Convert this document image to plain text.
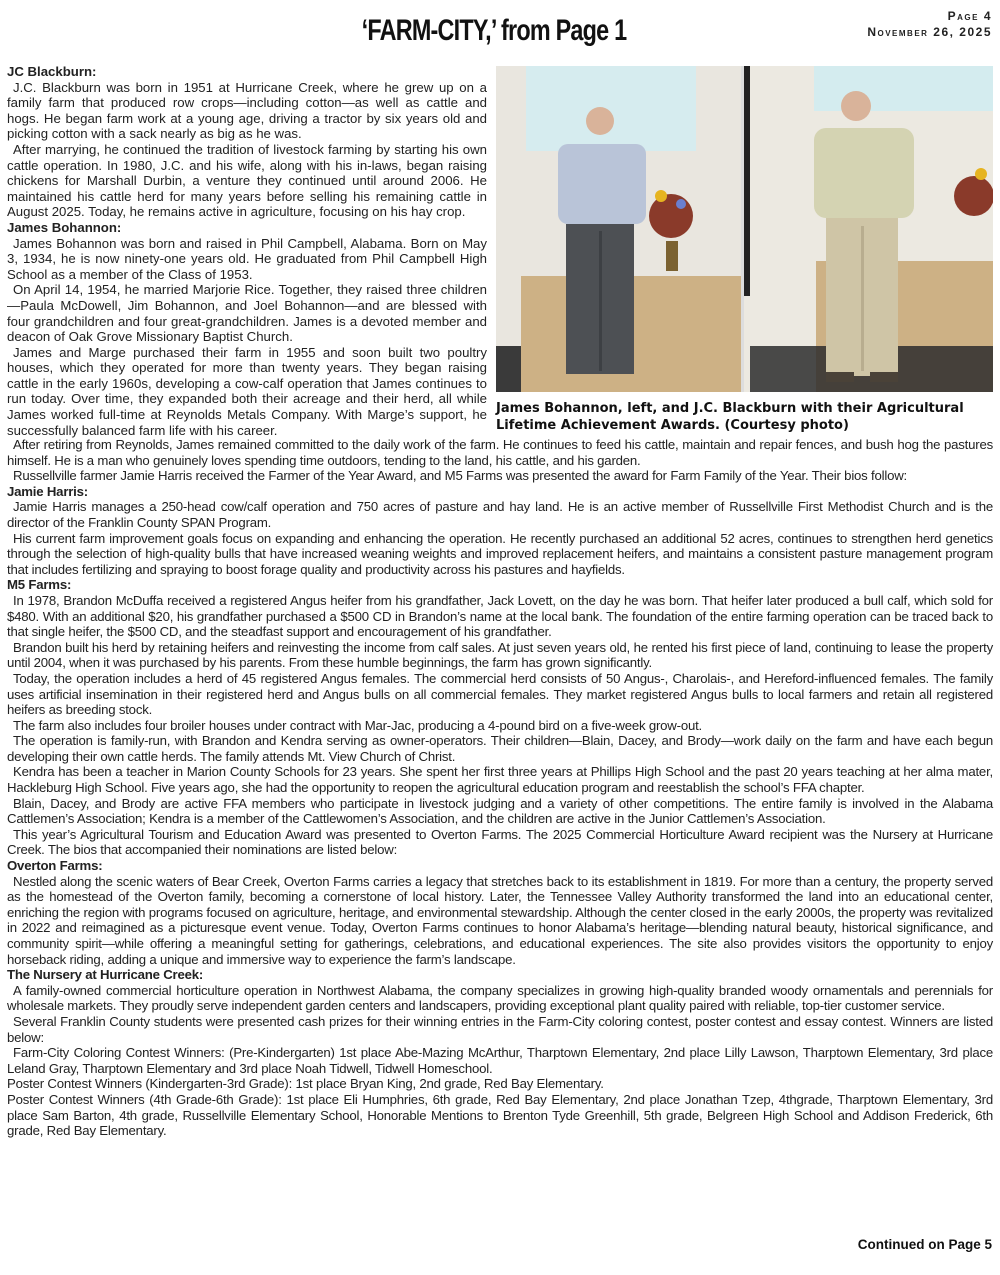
‘FARM-CITY,’ from Page 1	Page 4
November 26, 2025

JC Blackburn:

J.C. Blackburn was born in 1951 at Hurricane Creek, where he grew up on a family farm that produced row crops—including cotton—as well as cattle and hogs. He began farm work at a young age, driving a tractor by six years old and picking cotton with a sack nearly as big as he was.

After marrying, he continued the tradition of livestock farming by starting his own cattle operation. In 1980, J.C. and his wife, along with his in-laws, began raising chickens for Marshall Durbin, a venture they continued until around 2006. He maintained his cattle herd for many years before selling his remaining cattle in August 2025. Today, he remains active in agriculture, focusing on his hay crop.

James Bohannon:

James Bohannon was born and raised in Phil Campbell, Alabama. Born on May 3, 1934, he is now ninety-one years old. He graduated from Phil Campbell High School as a member of the Class of 1953.

On April 14, 1954, he married Marjorie Rice. Together, they raised three children—Paula McDowell, Jim Bohannon, and Joel Bohannon—and are blessed with four grandchildren and four great-grandchildren. James is a devoted member and deacon of Oak Grove Missionary Baptist Church.

James and Marge purchased their farm in 1955 and soon built two poultry houses, which they operated for more than twenty years. They began raising cattle in the early 1960s, developing a cow-calf operation that James continues to run today. Over time, they expanded both their acreage and their herd, all while James worked full-time at Reynolds Metals Company. With Marge’s support, he successfully balanced farm life with his career.

James Bohannon, left, and J.C. Blackburn with their Agricultural Lifetime Achievement Awards. (Courtesy photo)

After retiring from Reynolds, James remained committed to the daily work of the farm. He continues to feed his cattle, maintain and repair fences, and bush hog the pastures himself. He is a man who genuinely loves spending time outdoors, tending to the land, his cattle, and his garden.

Russellville farmer Jamie Harris received the Farmer of the Year Award, and M5 Farms was presented the award for Farm Family of the Year. Their bios follow:

Jamie Harris:

Jamie Harris manages a 250-head cow/calf operation and 750 acres of pasture and hay land. He is an active member of Russellville First Methodist Church and is the director of the Franklin County SPAN Program.

His current farm improvement goals focus on expanding and enhancing the operation. He recently purchased an additional 52 acres, continues to strengthen herd genetics through the selection of high-quality bulls that have increased weaning weights and improved replacement heifers, and maintains a consistent pasture management program that includes fertilizing and spraying to boost forage quality and productivity across his pastures and hayfields.

M5 Farms:

In 1978, Brandon McDuffa received a registered Angus heifer from his grandfather, Jack Lovett, on the day he was born. That heifer later produced a bull calf, which sold for $480. With an additional $20, his grandfather purchased a $500 CD in Brandon’s name at the local bank. The foundation of the entire farming operation can be traced back to that single heifer, the $500 CD, and the steadfast support and encouragement of his grandfather.

Brandon built his herd by retaining heifers and reinvesting the income from calf sales. At just seven years old, he rented his first piece of land, continuing to lease the property until 2004, when it was purchased by his parents. From these humble beginnings, the farm has grown significantly.

Today, the operation includes a herd of 45 registered Angus females. The commercial herd consists of 50 Angus-, Charolais-, and Hereford-influenced females. The family uses artificial insemination in their registered herd and Angus bulls on all commercial females. They market registered Angus bulls to local farmers and retain all registered heifers as breeding stock.

The farm also includes four broiler houses under contract with Mar-Jac, producing a 4-pound bird on a five-week grow-out.

The operation is family-run, with Brandon and Kendra serving as owner-operators. Their children—Blain, Dacey, and Brody—work daily on the farm and have each begun developing their own cattle herds. The family attends Mt. View Church of Christ.

Kendra has been a teacher in Marion County Schools for 23 years. She spent her first three years at Phillips High School and the past 20 years teaching at her alma mater, Hackleburg High School. Five years ago, she had the opportunity to reopen the agricultural education program and reestablish the school’s FFA chapter.

Blain, Dacey, and Brody are active FFA members who participate in livestock judging and a variety of other competitions. The entire family is involved in the Alabama Cattlemen’s Association; Kendra is a member of the Cattlewomen’s Association, and the children are active in the Junior Cattlemen’s Association.

This year’s Agricultural Tourism and Education Award was presented to Overton Farms. The 2025 Commercial Horticulture Award recipient was the Nursery at Hurricane Creek. The bios that accompanied their nominations are listed below:

Overton Farms:

Nestled along the scenic waters of Bear Creek, Overton Farms carries a legacy that stretches back to its establishment in 1819. For more than a century, the property served as the homestead of the Overton family, becoming a cornerstone of local history. Later, the Tennessee Valley Authority transformed the land into an educational center, enriching the region with programs focused on agriculture, heritage, and environmental stewardship. Although the center closed in the early 2000s, the property was revitalized in 2022 and reimagined as a picturesque event venue. Today, Overton Farms continues to honor Alabama’s heritage—blending natural beauty, historical significance, and community spirit—while offering a meaningful setting for gatherings, celebrations, and educational experiences. The site also provides visitors the opportunity to enjoy horseback riding, adding a unique and immersive way to experience the farm’s landscape.

The Nursery at Hurricane Creek:

A family-owned commercial horticulture operation in Northwest Alabama, the company specializes in growing high-quality branded woody ornamentals and perennials for wholesale markets. They proudly serve independent garden centers and landscapers, providing exceptional plant quality paired with reliable, top-tier customer service.

Several Franklin County students were presented cash prizes for their winning entries in the Farm-City coloring contest, poster contest and essay contest. Winners are listed below:

Farm-City Coloring Contest Winners: (Pre-Kindergarten) 1st place Abe-Mazing McArthur, Tharptown Elementary, 2nd place Lilly Lawson, Tharptown Elementary, 3rd place Leland Gray, Tharptown Elementary and 3rd place Noah Tidwell, Tidwell Homeschool.

Poster Contest Winners (Kindergarten-3rd Grade): 1st place Bryan King, 2nd grade, Red Bay Elementary.

Poster Contest Winners (4th Grade-6th Grade): 1st place Eli Humphries, 6th grade, Red Bay Elementary, 2nd place Jonathan Tzep, 4thgrade, Tharptown Elementary, 3rd place Sam Barton, 4th grade, Russellville Elementary School, Honorable Mentions to Brenton Tyde Greenhill, 5th grade, Belgreen High School and Addison Frederick, 6th grade, Red Bay Elementary.

Continued on Page 5
